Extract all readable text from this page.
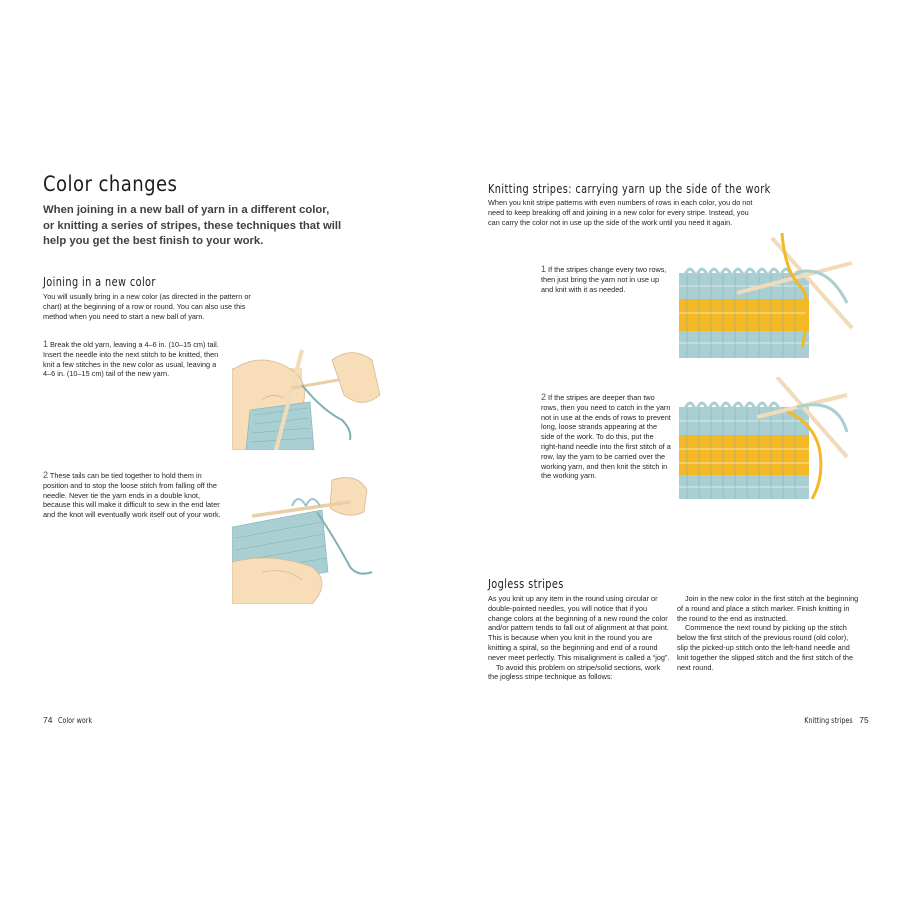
Color changes
When joining in a new ball of yarn in a different color, or knitting a series of stripes, these techniques that will help you get the best finish to your work.
Joining in a new color
You will usually bring in a new color (as directed in the pattern or chart) at the beginning of a row or round. You can also use this method when you need to start a new ball of yarn.
1 Break the old yarn, leaving a 4–6 in. (10–15 cm) tail. Insert the needle into the next stitch to be knitted, then knit a few stitches in the new color as usual, leaving a 4–6 in. (10–15 cm) tail of the new yarn.
2 These tails can be tied together to hold them in position and to stop the loose stitch from falling off the needle. Never tie the yarn ends in a double knot, because this will make it difficult to sew in the end later and the knot will eventually work itself out of your work.
74 Color work
Knitting stripes: carrying yarn up the side of the work
When you knit stripe patterns with even numbers of rows in each color, you do not need to keep breaking off and joining in a new color for every stripe. Instead, you can carry the color not in use up the side of the work until you need it again.
1 If the stripes change every two rows, then just bring the yarn not in use up and knit with it as needed.
2 If the stripes are deeper than two rows, then you need to catch in the yarn not in use at the ends of rows to prevent long, loose strands appearing at the side of the work. To do this, put the right-hand needle into the first stitch of a row, lay the yarn to be carried over the working yarn, and then knit the stitch in the working yarn.
Jogless stripes

As you knit up any item in the round using circular or double-pointed needles, you will notice that if you change colors at the beginning of a new round the color and/or pattern tends to fall out of alignment at that point. This is because when you knit in the round you are knitting a spiral, so the beginning and end of a round never meet perfectly. This misalignment is called a “jog”.

To avoid this problem on stripe/solid sections, work the jogless stripe technique as follows:

Join in the new color in the first stitch at the beginning of a round and place a stitch marker. Finish knitting in the round to the end as instructed.

Commence the next round by picking up the stitch below the first stitch of the previous round (old color), slip the picked-up stitch onto the left-hand needle and knit together the slipped stitch and the first stitch of the next round.

Knitting stripes 75
